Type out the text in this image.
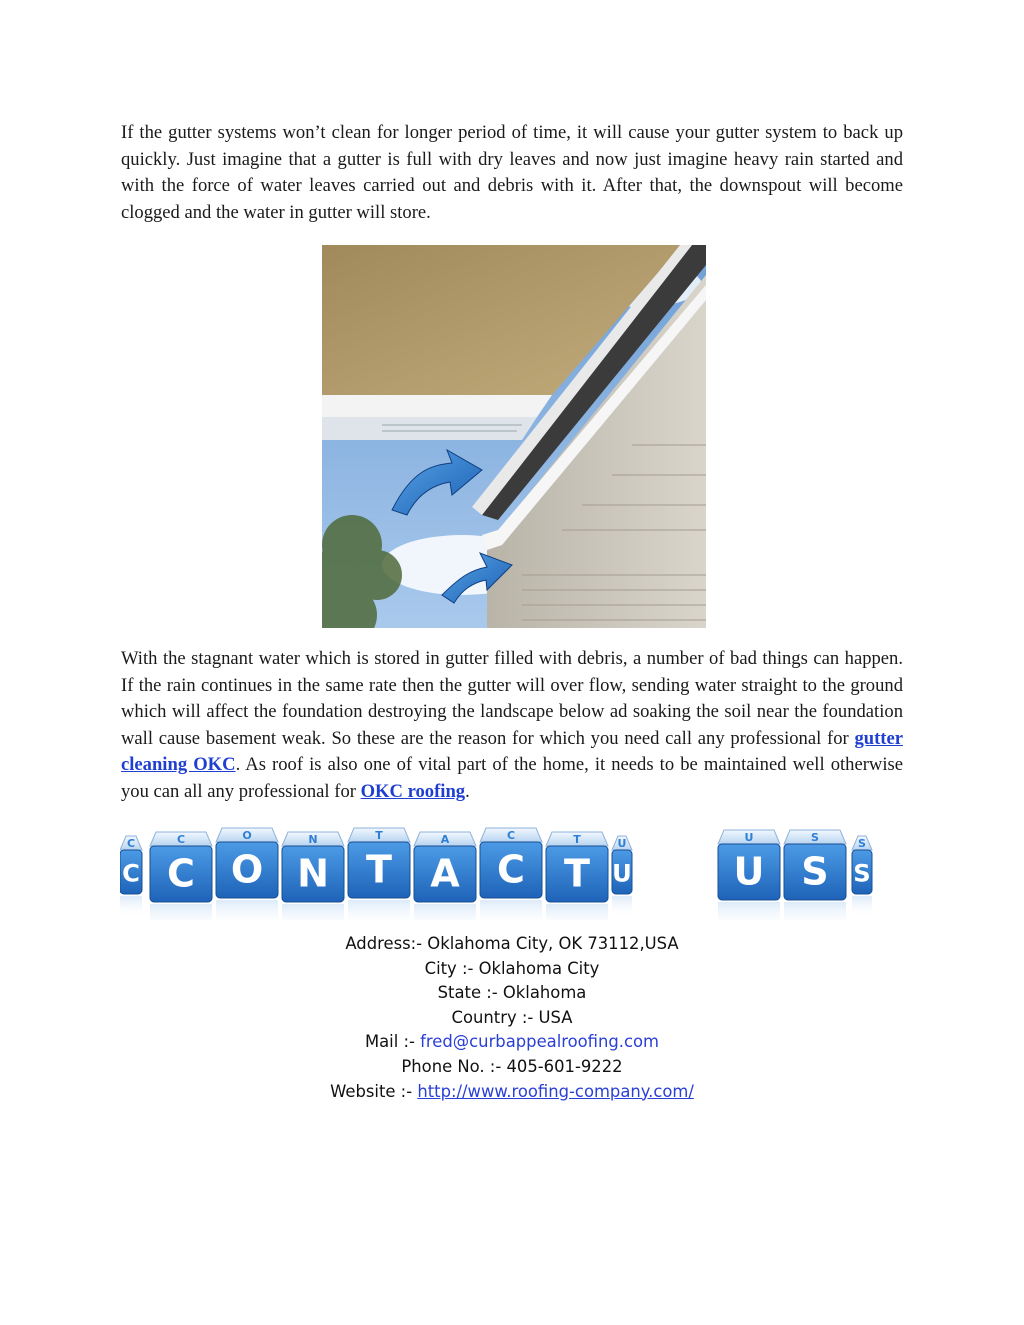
If the gutter systems won’t clean for longer period of time, it will cause your gutter system to back up quickly. Just imagine that a gutter is full with dry leaves and now just imagine heavy rain started and with the force of water leaves carried out and debris with it. After that, the downspout will become clogged and the water in gutter will store.

With the stagnant water which is stored in gutter filled with debris, a number of bad things can happen. If the rain continues in the same rate then the gutter will over flow, sending water straight to the ground which will affect the foundation destroying the landscape below ad soaking the soil near the foundation wall cause basement weak. So these are the reason for which you need call any professional for gutter cleaning OKC. As roof is also one of vital part of the home, it needs to be maintained well otherwise you can all any professional for OKC roofing.

C
C
C
C
O
O
N
N
T
T
A
A
C
C
T
T
U
U
U
U
S
S
S
S
Address:- Oklahoma City, OK 73112,USA
City :- Oklahoma City
State :- Oklahoma
Country :- USA
Mail :- fred@curbappealroofing.com
Phone No. :- 405-601-9222
Website :- http://www.roofing-company.com/
